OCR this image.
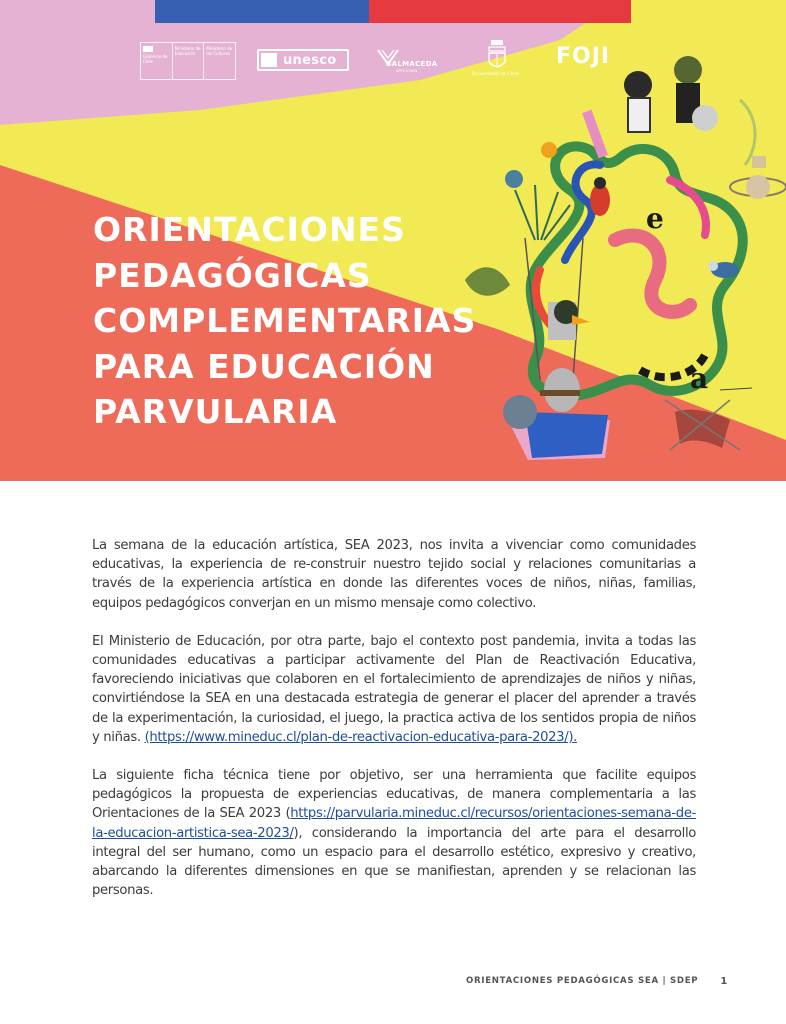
Gobierno de Chile
Ministerio de Educación
Ministerio de las Culturas	unesco	BALMACEDA
ARTE JOVEN
Universidad de Chile
FOJI
ORIENTACIONES
PEDAGÓGICAS
COMPLEMENTARIAS
PARA EDUCACIÓN
PARVULARIA
e
a

La semana de la educación artística, SEA 2023, nos invita a vivenciar como comunidades educativas, la experiencia de re-construir nuestro tejido social y relaciones comunitarias a través de la experiencia artística en donde las diferentes voces de niños, niñas, familias, equipos pedagógicos converjan en un mismo mensaje como colectivo.

El Ministerio de Educación, por otra parte, bajo el contexto post pandemia, invita a todas las comunidades educativas a participar activamente del Plan de Reactivación Educativa, favoreciendo iniciativas que colaboren en el fortalecimiento de aprendizajes de niños y niñas, convirtiéndose la SEA en una destacada estrategia de generar el placer del aprender a través de la experimentación, la curiosidad, el juego, la practica activa de los sentidos propia de niños y niñas. (https://www.mineduc.cl/plan-de-reactivacion-educativa-para-2023/).

La siguiente ficha técnica tiene por objetivo, ser una herramienta que facilite equipos pedagógicos la propuesta de experiencias educativas, de manera complementaria a las Orientaciones de la SEA 2023 (https://parvularia.mineduc.cl/recursos/orientaciones-semana-de-la-educacion-artistica-sea-2023/), considerando la importancia del arte para el desarrollo integral del ser humano, como un espacio para el desarrollo estético, expresivo y creativo, abarcando la diferentes dimensiones en que se manifiestan, aprenden y se relacionan las personas.

ORIENTACIONES PEDAGÓGICAS SEA | SDEP 1
